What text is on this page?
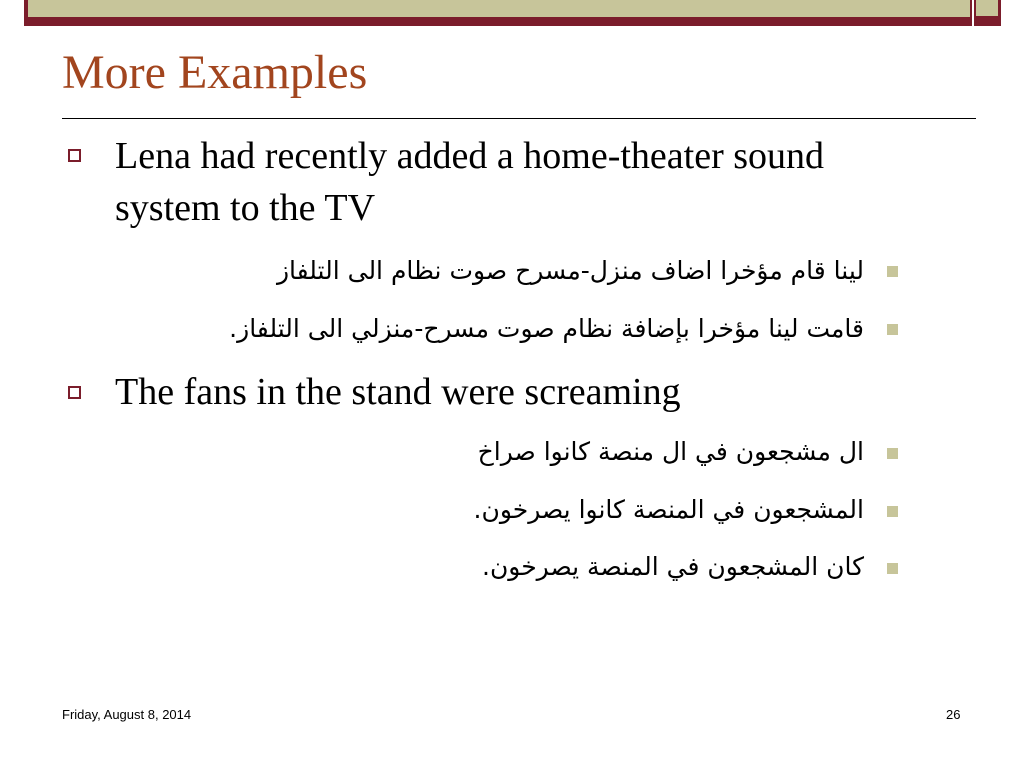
More Examples
Lena had recently added a home-theater sound system to the TV
لينا قام مؤخرا اضاف منزل-مسرح صوت نظام الى التلفاز
قامت لينا مؤخرا بإضافة نظام صوت مسرح-منزلي الى التلفاز.
The fans in the stand were screaming
ال مشجعون في ال منصة كانوا صراخ
المشجعون في المنصة كانوا يصرخون.
كان المشجعون في المنصة يصرخون.
Friday, August 8, 2014	26
